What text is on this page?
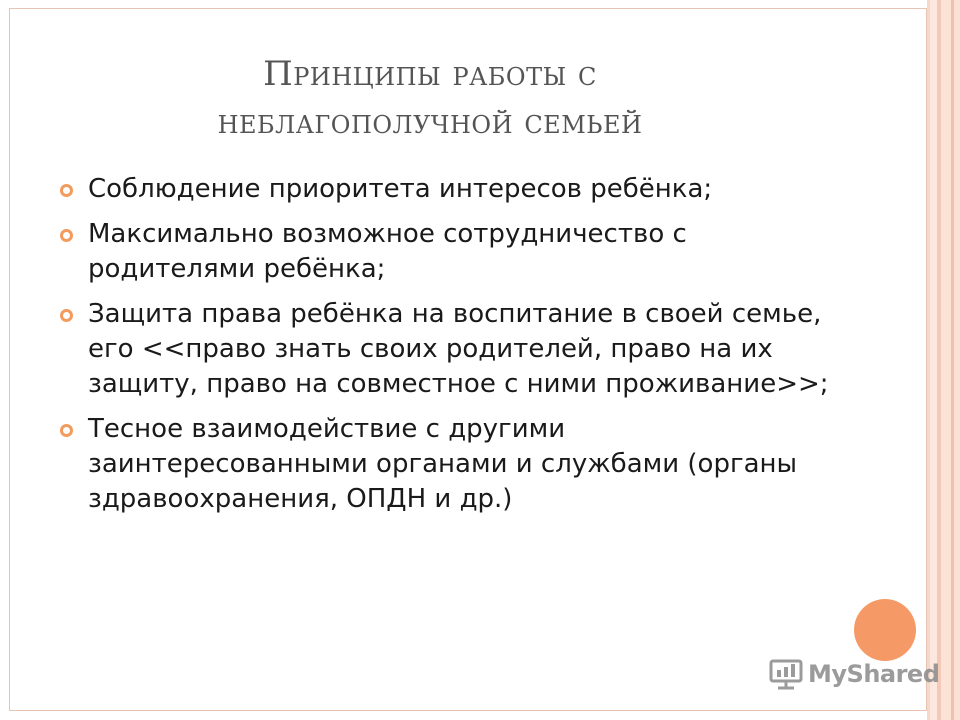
Принципы работы с
неблагополучной семьей
Соблюдение приоритета интересов ребёнка;
Максимально возможное сотрудничество с родителями ребёнка;
Защита права ребёнка на воспитание в своей семье, его <<право знать своих родителей, право на их защиту, право на совместное с ними проживание>>;
Тесное взаимодействие с другими заинтересованными органами и службами (органы здравоохранения, ОПДН и др.)
MyShared
